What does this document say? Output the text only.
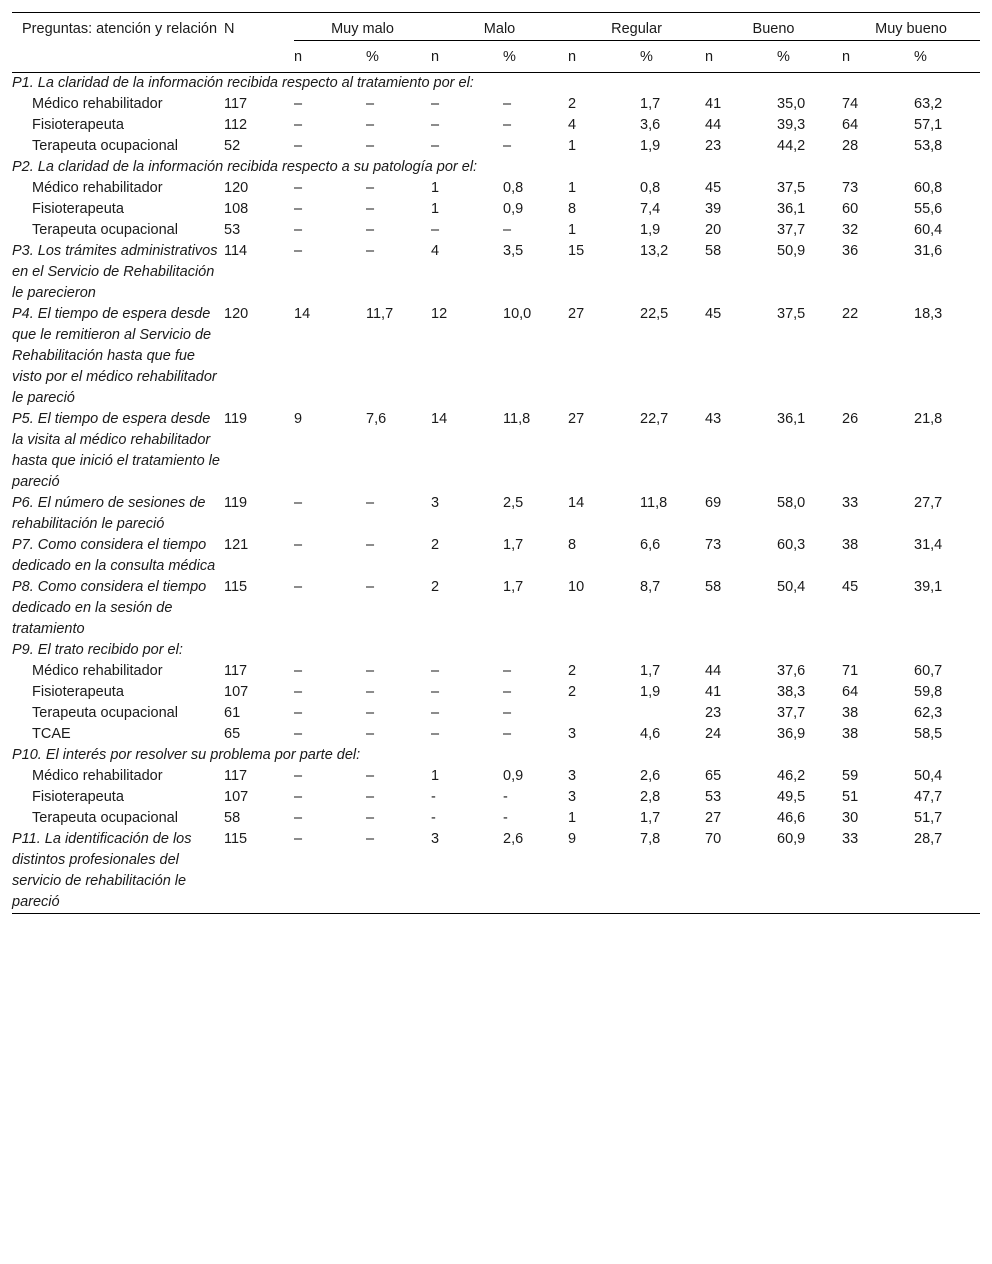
Preguntas: atención y relación	N	Muy malo		Malo		Regular		Bueno		Muy bueno	
		n	%	n	%	n	%	n	%	n	%
P1. La claridad de la información recibida respecto al tratamiento por el:											
Médico rehabilitador	117	–	–	–	–	2	1,7	41	35,0	74	63,2
Fisioterapeuta	112	–	–	–	–	4	3,6	44	39,3	64	57,1
Terapeuta ocupacional	52	–	–	–	–	1	1,9	23	44,2	28	53,8
P2. La claridad de la información recibida respecto a su patología por el:											
Médico rehabilitador	120	–	–	1	0,8	1	0,8	45	37,5	73	60,8
Fisioterapeuta	108	–	–	1	0,9	8	7,4	39	36,1	60	55,6
Terapeuta ocupacional	53	–	–	–	–	1	1,9	20	37,7	32	60,4
P3. Los trámites administrativos en el Servicio de Rehabilitación le parecieron	114	–	–	4	3,5	15	13,2	58	50,9	36	31,6
P4. El tiempo de espera desde que le remitieron al Servicio de Rehabilitación hasta que fue visto por el médico rehabilitador le pareció	120	14	11,7	12	10,0	27	22,5	45	37,5	22	18,3
P5. El tiempo de espera desde la visita al médico rehabilitador hasta que inició el tratamiento le pareció	119	9	7,6	14	11,8	27	22,7	43	36,1	26	21,8
P6. El número de sesiones de rehabilitación le pareció	119	–	–	3	2,5	14	11,8	69	58,0	33	27,7
P7. Como considera el tiempo dedicado en la consulta médica	121	–	–	2	1,7	8	6,6	73	60,3	38	31,4
P8. Como considera el tiempo dedicado en la sesión de tratamiento	115	–	–	2	1,7	10	8,7	58	50,4	45	39,1
P9. El trato recibido por el:											
Médico rehabilitador	117	–	–	–	–	2	1,7	44	37,6	71	60,7
Fisioterapeuta	107	–	–	–	–	2	1,9	41	38,3	64	59,8
Terapeuta ocupacional	61	–	–	–	–			23	37,7	38	62,3
TCAE	65	–	–	–	–	3	4,6	24	36,9	38	58,5
P10. El interés por resolver su problema por parte del:											
Médico rehabilitador	117	–	–	1	0,9	3	2,6	65	46,2	59	50,4
Fisioterapeuta	107	–	–	-	-	3	2,8	53	49,5	51	47,7
Terapeuta ocupacional	58	–	–	-	-	1	1,7	27	46,6	30	51,7
P11. La identificación de los distintos profesionales del servicio de rehabilitación le pareció	115	–	–	3	2,6	9	7,8	70	60,9	33	28,7
